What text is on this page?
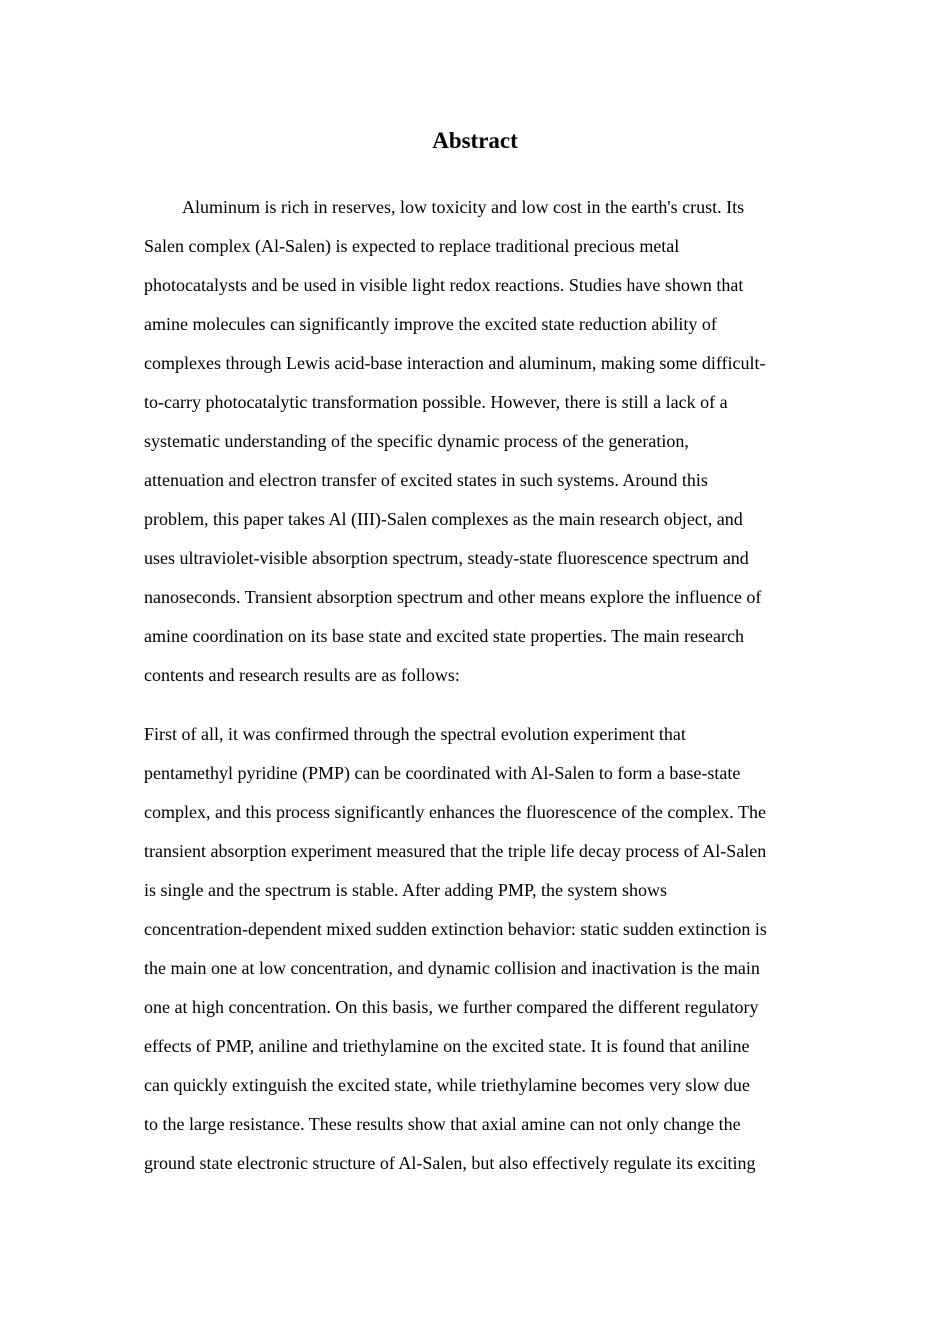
Abstract

Aluminum is rich in reserves, low toxicity and low cost in the earth's crust. Its
Salen complex (Al-Salen) is expected to replace traditional precious metal
photocatalysts and be used in visible light redox reactions. Studies have shown that
amine molecules can significantly improve the excited state reduction ability of
complexes through Lewis acid-base interaction and aluminum, making some difficult-
to-carry photocatalytic transformation possible. However, there is still a lack of a
systematic understanding of the specific dynamic process of the generation,
attenuation and electron transfer of excited states in such systems. Around this
problem, this paper takes Al (III)-Salen complexes as the main research object, and
uses ultraviolet-visible absorption spectrum, steady-state fluorescence spectrum and
nanoseconds. Transient absorption spectrum and other means explore the influence of
amine coordination on its base state and excited state properties. The main research
contents and research results are as follows:

First of all, it was confirmed through the spectral evolution experiment that
pentamethyl pyridine (PMP) can be coordinated with Al-Salen to form a base-state
complex, and this process significantly enhances the fluorescence of the complex. The
transient absorption experiment measured that the triple life decay process of Al-Salen
is single and the spectrum is stable. After adding PMP, the system shows
concentration-dependent mixed sudden extinction behavior: static sudden extinction is
the main one at low concentration, and dynamic collision and inactivation is the main
one at high concentration. On this basis, we further compared the different regulatory
effects of PMP, aniline and triethylamine on the excited state. It is found that aniline
can quickly extinguish the excited state, while triethylamine becomes very slow due
to the large resistance. These results show that axial amine can not only change the
ground state electronic structure of Al-Salen, but also effectively regulate its exciting
